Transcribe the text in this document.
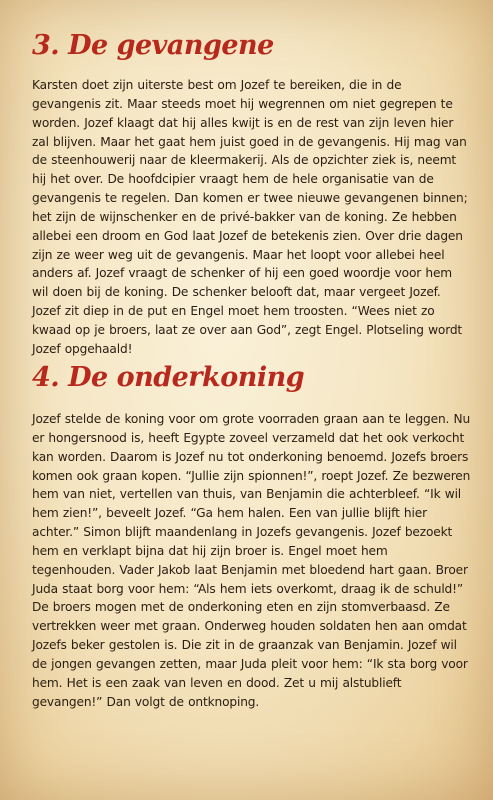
3. De gevangene

Karsten doet zijn uiterste best om Jozef te bereiken, die in de gevangenis zit. Maar steeds moet hij wegrennen om niet gegrepen te worden. Jozef klaagt dat hij alles kwijt is en de rest van zijn leven hier zal blijven. Maar het gaat hem juist goed in de gevangenis. Hij mag van de steenhouwerij naar de kleermakerij. Als de opzichter ziek is, neemt hij het over. De hoofdcipier vraagt hem de hele organisatie van de gevangenis te regelen. Dan komen er twee nieuwe gevangenen binnen; het zijn de wijnschenker en de privé-bakker van de koning. Ze hebben allebei een droom en God laat Jozef de betekenis zien. Over drie dagen zijn ze weer weg uit de gevangenis. Maar het loopt voor allebei heel anders af. Jozef vraagt de schenker of hij een goed woordje voor hem wil doen bij de koning. De schenker belooft dat, maar vergeet Jozef. Jozef zit diep in de put en Engel moet hem troosten. “Wees niet zo kwaad op je broers, laat ze over aan God”, zegt Engel. Plotseling wordt Jozef opgehaald!

4. De onderkoning

Jozef stelde de koning voor om grote voorraden graan aan te leggen. Nu er hongersnood is, heeft Egypte zoveel verzameld dat het ook verkocht kan worden. Daarom is Jozef nu tot onderkoning benoemd. Jozefs broers komen ook graan kopen. “Jullie zijn spionnen!”, roept Jozef. Ze bezweren hem van niet, vertellen van thuis, van Benjamin die achterbleef. “Ik wil hem zien!”, beveelt Jozef. “Ga hem halen. Een van jullie blijft hier achter.” Simon blijft maandenlang in Jozefs gevangenis. Jozef bezoekt hem en verklapt bijna dat hij zijn broer is. Engel moet hem tegenhouden. Vader Jakob laat Benjamin met bloedend hart gaan. Broer Juda staat borg voor hem: “Als hem iets overkomt, draag ik de schuld!” De broers mogen met de onderkoning eten en zijn stomverbaasd. Ze vertrekken weer met graan. Onderweg houden soldaten hen aan omdat Jozefs beker gestolen is. Die zit in de graanzak van Benjamin. Jozef wil de jongen gevangen zetten, maar Juda pleit voor hem: “Ik sta borg voor hem. Het is een zaak van leven en dood. Zet u mij alstublieft gevangen!” Dan volgt de ontknoping.
